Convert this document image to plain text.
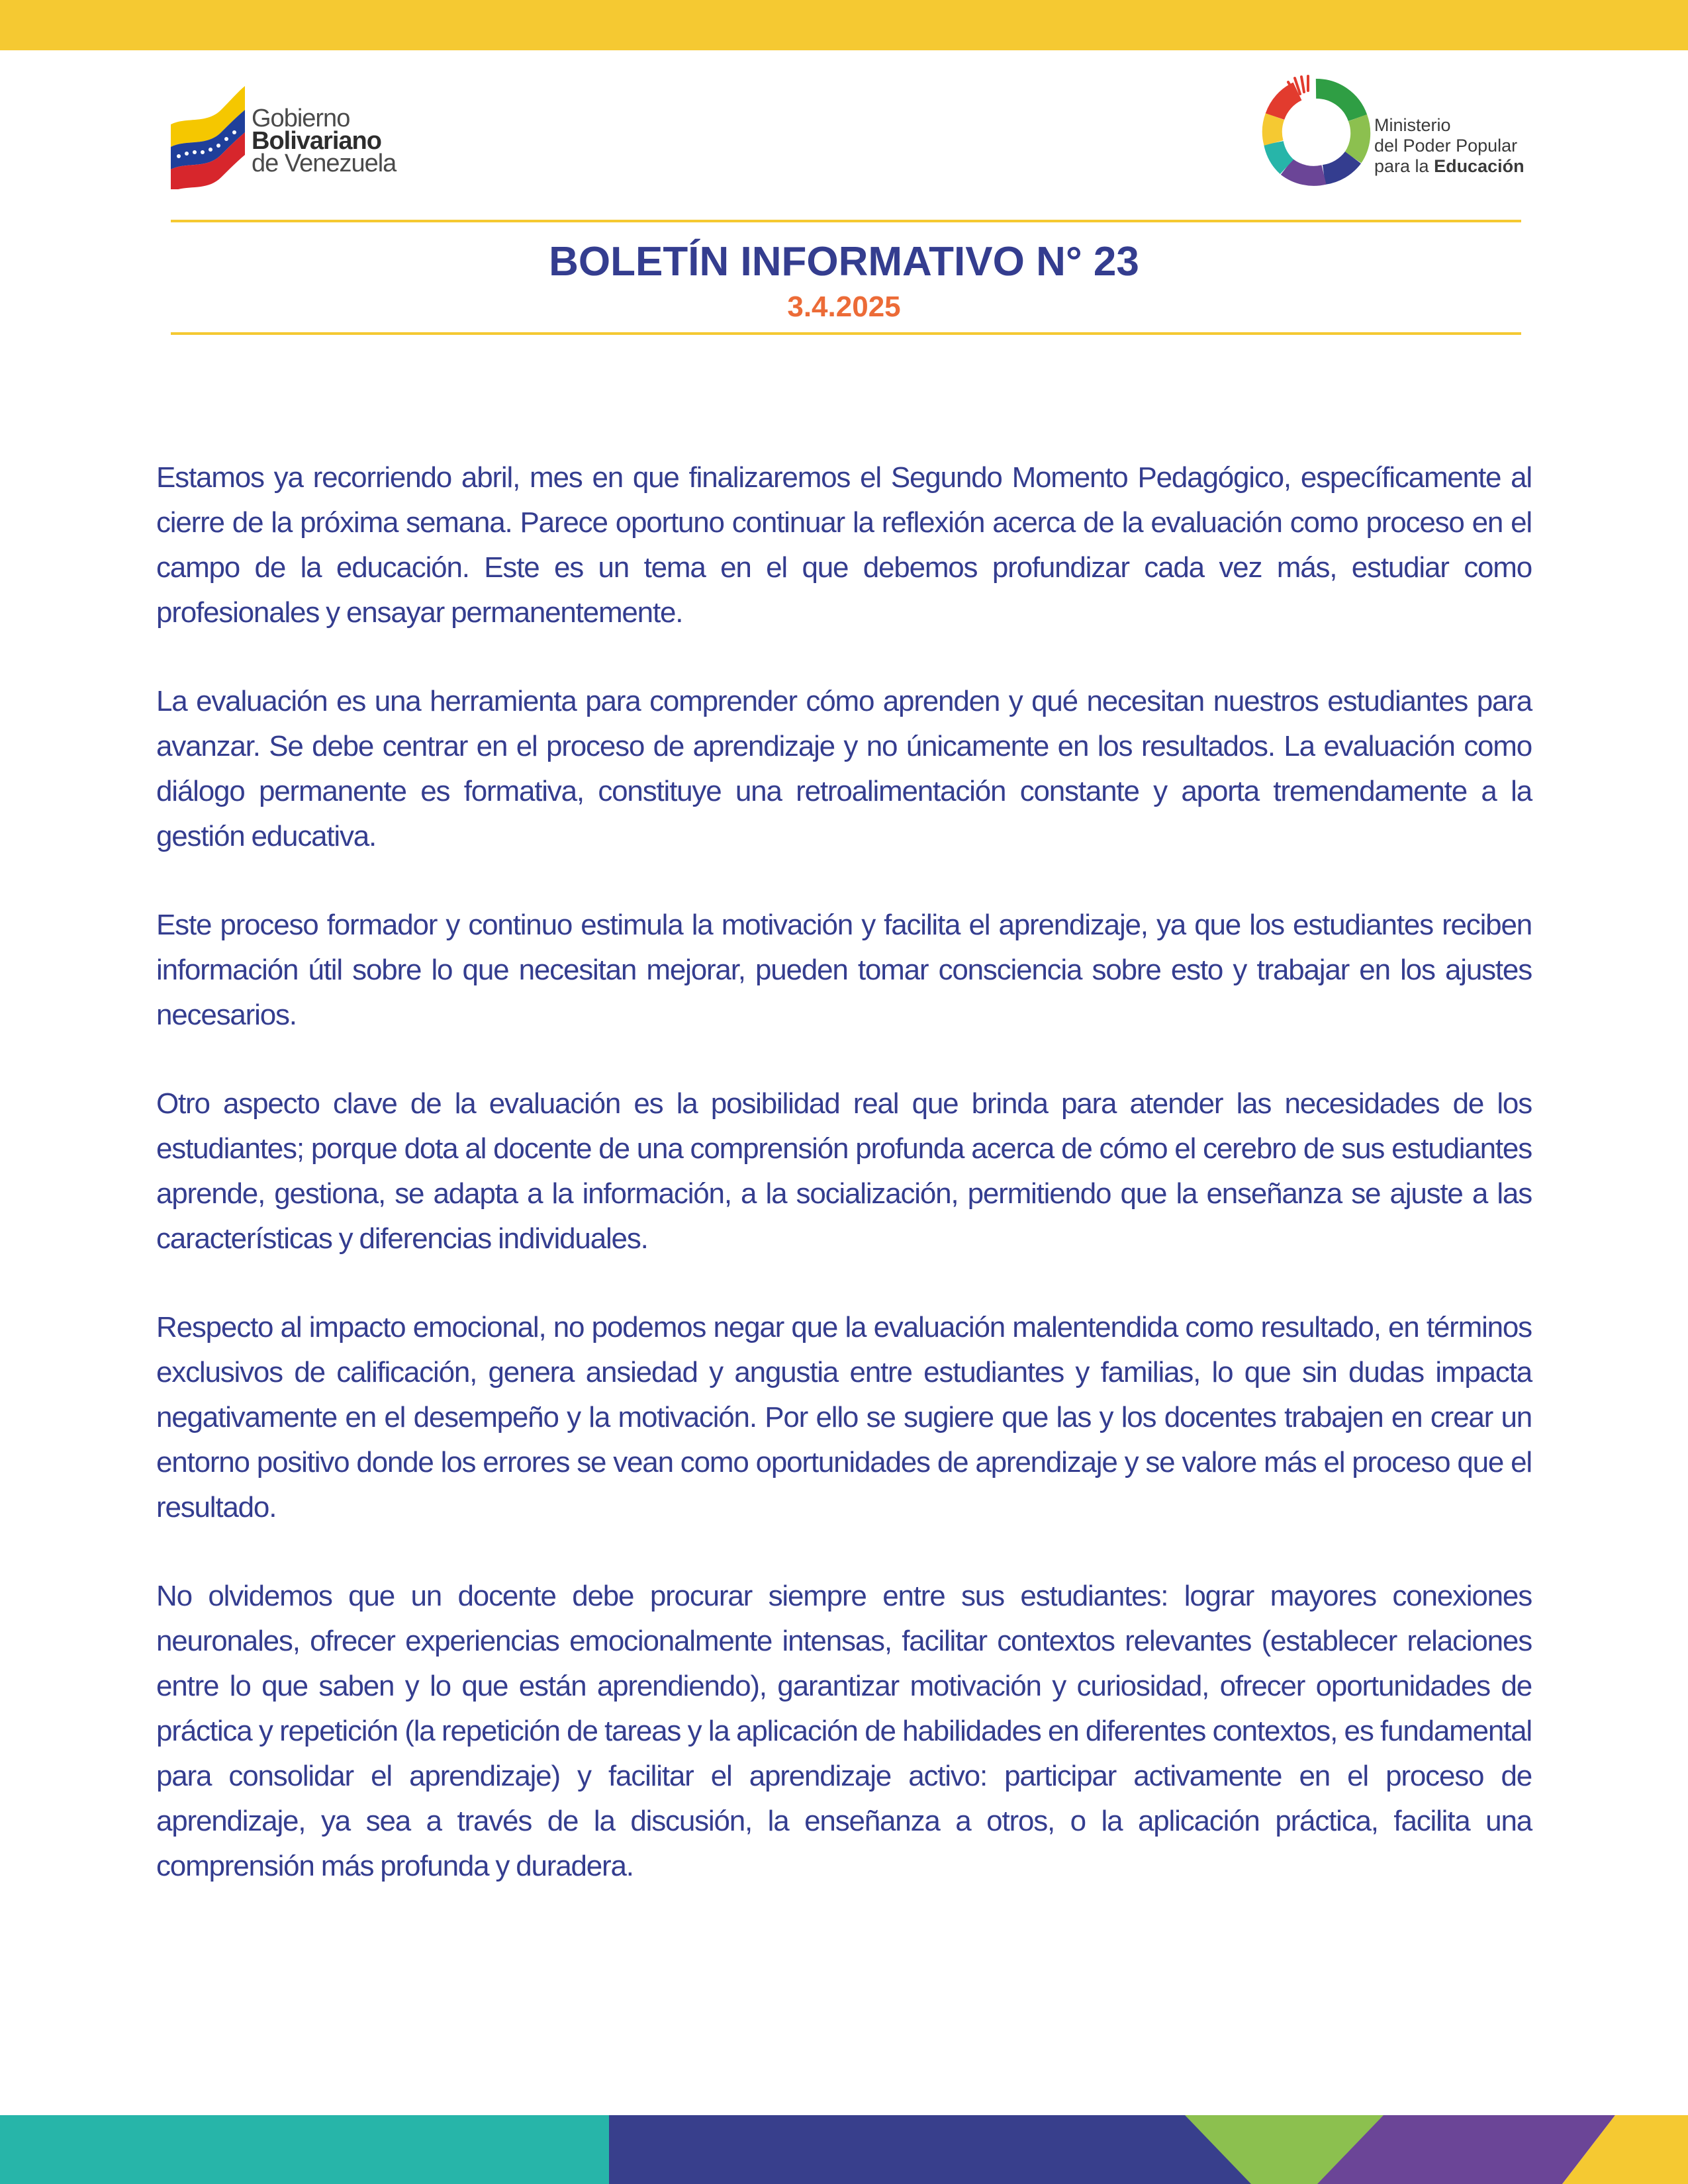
Gobierno
Bolivariano
de Venezuela
Ministerio
del Poder Popular
para la Educación
BOLETÍN INFORMATIVO N° 23
3.4.2025

Estamos ya recorriendo abril, mes en que finalizaremos el Segundo Momento Pedagógico, específicamente al cierre de la próxima semana. Parece oportuno continuar la reflexión acerca de la evaluación como proceso en el campo de la educación. Este es un tema en el que debemos profundizar cada vez más, estudiar como profesionales y ensayar permanentemente.

La evaluación es una herramienta para comprender cómo aprenden y qué necesitan nuestros estudiantes para avanzar. Se debe centrar en el proceso de aprendizaje y no únicamente en los resultados. La evaluación como diálogo permanente es formativa, constituye una retroalimentación constante y aporta tremendamente a la gestión educativa.

Este proceso formador y continuo estimula la motivación y facilita el aprendizaje, ya que los estudiantes reciben información útil sobre lo que necesitan mejorar, pueden tomar consciencia sobre esto y trabajar en los ajustes necesarios.

Otro aspecto clave de la evaluación es la posibilidad real que brinda para atender las necesidades de los estudiantes; porque dota al docente de una comprensión profunda acerca de cómo el cerebro de sus estudiantes aprende, gestiona, se adapta a la información, a la socialización, permitiendo que la enseñanza se ajuste a las características y diferencias individuales.

Respecto al impacto emocional, no podemos negar que la evaluación malentendida como resultado, en términos exclusivos de calificación, genera ansiedad y angustia entre estudiantes y familias, lo que sin dudas impacta negativamente en el desempeño y la motivación. Por ello se sugiere que las y los docentes trabajen en crear un entorno positivo donde los errores se vean como oportunidades de aprendizaje y se valore más el proceso que el resultado.

No olvidemos que un docente debe procurar siempre entre sus estudiantes: lograr mayores conexiones neuronales, ofrecer experiencias emocionalmente intensas, facilitar contextos relevantes (establecer relaciones entre lo que saben y lo que están aprendiendo), garantizar motivación y curiosidad, ofrecer oportunidades de práctica y repetición (la repetición de tareas y la aplicación de habilidades en diferentes contextos, es fundamental para consolidar el aprendizaje) y facilitar el aprendizaje activo: participar activamente en el proceso de aprendizaje, ya sea a través de la discusión, la enseñanza a otros, o la aplicación práctica, facilita una comprensión más profunda y duradera.
